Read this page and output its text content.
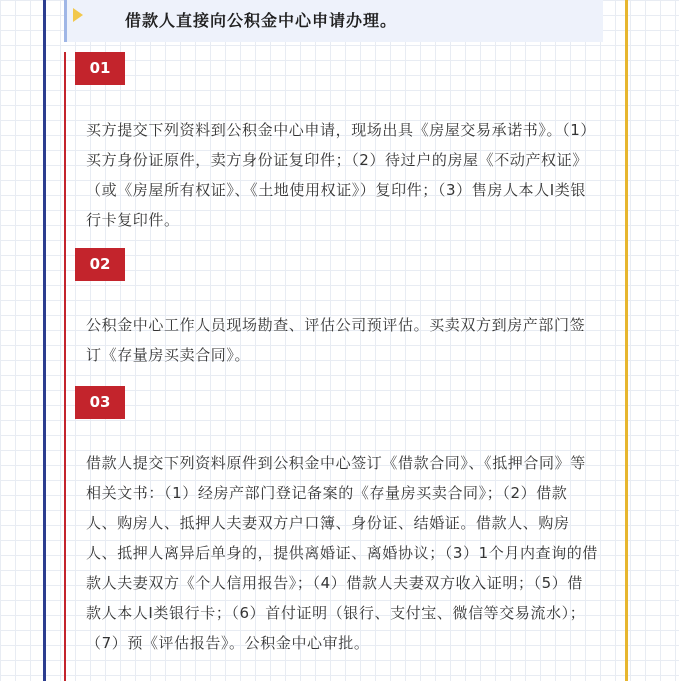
借款人直接向公积金中心申请办理。
01

买方提交下列资料到公积金中心申请，现场出具《房屋交易承诺书》。（1）买方身份证原件，卖方身份证复印件；（2）待过户的房屋《不动产权证》（或《房屋所有权证》、《土地使用权证》）复印件；（3）售房人本人Ⅰ类银行卡复印件。

02

公积金中心工作人员现场勘查、评估公司预评估。买卖双方到房产部门签订《存量房买卖合同》。

03

借款人提交下列资料原件到公积金中心签订《借款合同》、《抵押合同》等相关文书：（1）经房产部门登记备案的《存量房买卖合同》；（2）借款人、购房人、抵押人夫妻双方户口簿、身份证、结婚证。借款人、购房人、抵押人离异后单身的，提供离婚证、离婚协议；（3）1个月内查询的借款人夫妻双方《个人信用报告》；（4）借款人夫妻双方收入证明；（5）借款人本人Ⅰ类银行卡；（6）首付证明（银行、支付宝、微信等交易流水）；（7）预《评估报告》。公积金中心审批。
